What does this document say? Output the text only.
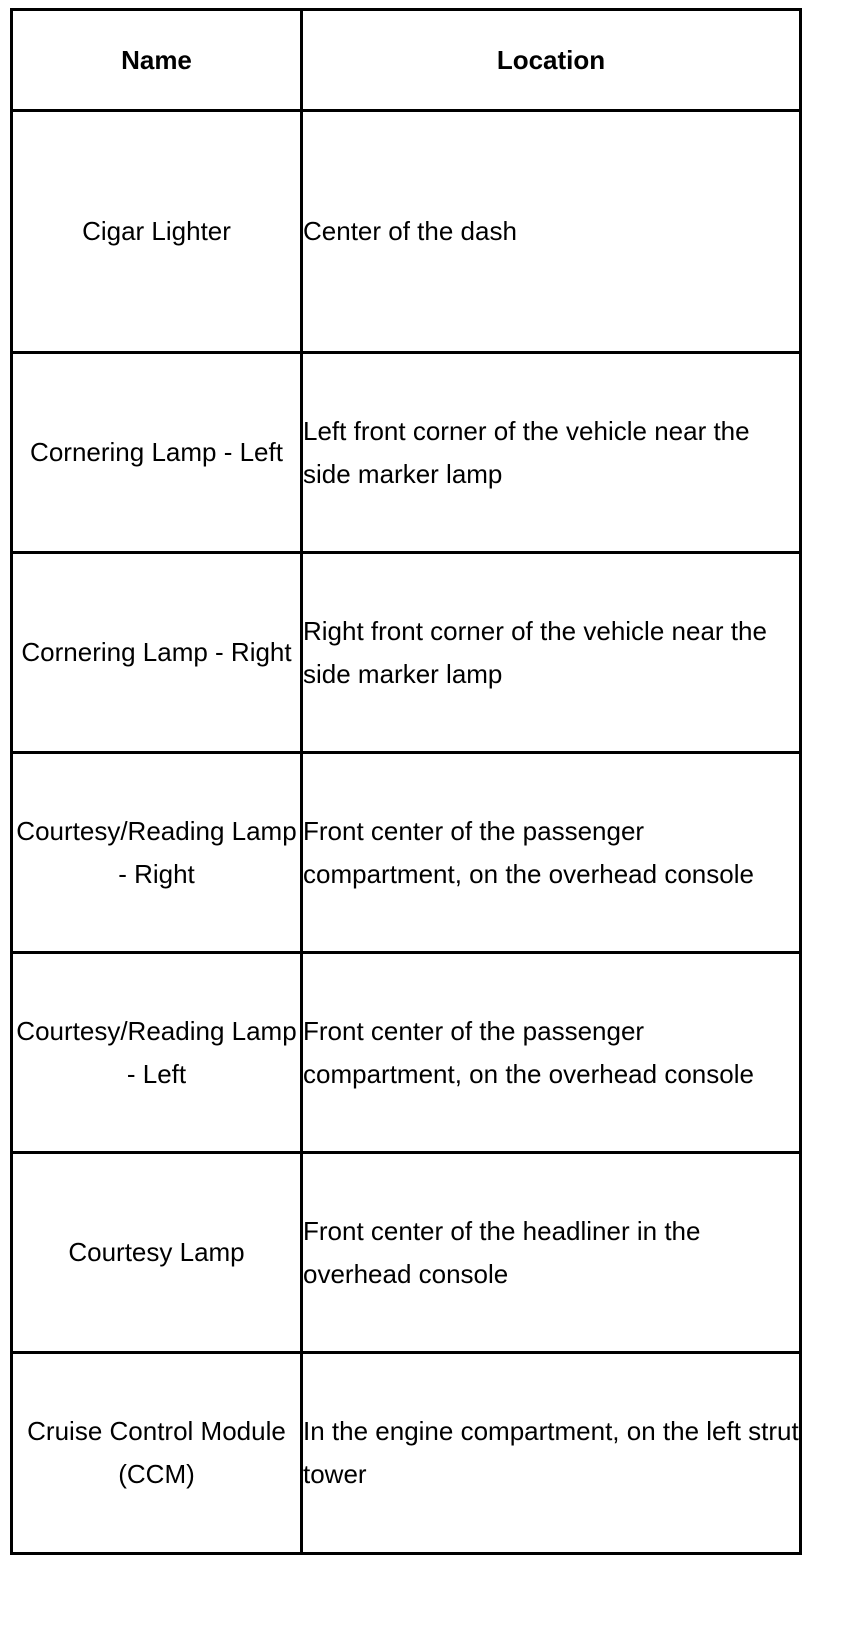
Name	Location
Cigar Lighter	Center of the dash
Cornering Lamp - Left	Left front corner of the vehicle near the side marker lamp
Cornering Lamp - Right	Right front corner of the vehicle near the side marker lamp
Courtesy/Reading Lamp - Right	Front center of the passenger compartment, on the overhead console
Courtesy/Reading Lamp - Left	Front center of the passenger compartment, on the overhead console
Courtesy Lamp	Front center of the headliner in the overhead console
Cruise Control Module (CCM)	In the engine compartment, on the left strut tower
